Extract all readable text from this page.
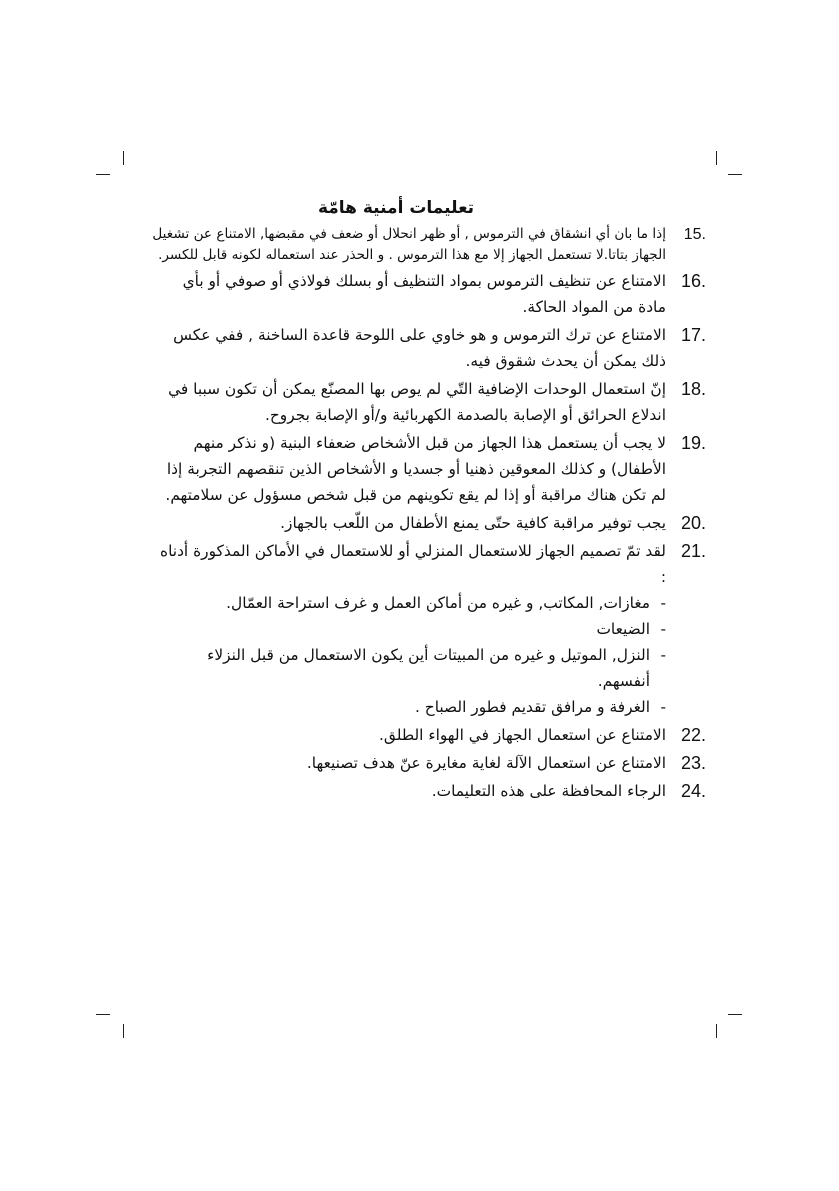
تعليمات أمنية هامّة
15.
إذا ما بان أي انشقاق في الترموس , أو ظهر انحلال أو ضعف في مقبضها, الامتناع عن تشغيل الجهاز بتاتا.لا تستعمل الجهاز إلا مع هذا الترموس . و الحذر عند استعماله لكونه قابل للكسر.
16.
الامتناع عن تنظيف الترموس بمواد التنظيف أو بسلك فولاذي أو صوفي أو بأي مادة من المواد الحاكة.
17.
الامتناع عن ترك الترموس و هو خاوي على اللوحة قاعدة الساخنة , ففي عكس ذلك يمكن أن يحدث شقوق فيه.
18.
إنّ استعمال الوحدات الإضافية التّي لم يوص بها المصنّع يمكن أن تكون سببا في اندلاع الحرائق أو الإصابة بالصدمة الكهربائية و/أو الإصابة بجروح.
19.
لا يجب أن يستعمل هذا الجهاز من قبل الأشخاص ضعفاء البنية (و نذكر منهم الأطفال) و كذلك المعوقين ذهنيا أو جسديا و الأشخاص الذين تنقصهم التجربة إذا لم تكن هناك مراقبة أو إذا لم يقع تكوينهم من قبل شخص مسؤول عن سلامتهم.
20.
يجب توفير مراقبة كافية حتّى يمنع الأطفال من اللّعب بالجهاز.
21.
لقد تمّ تصميم الجهاز للاستعمال المنزلي أو للاستعمال في الأماكن المذكورة أدناه :
-
مغازات, المكاتب, و غيره من أماكن العمل و غرف استراحة العمّال.
-
الضيعات
-
النزل, الموتيل و غيره من المبيتات أين يكون الاستعمال من قبل النزلاء أنفسهم.
-
الغرفة و مرافق تقديم فطور الصباح .
22.
الامتناع عن استعمال الجهاز في الهواء الطلق.
23.
الامتناع عن استعمال الآلة لغاية مغايرة عنّ هدف تصنيعها.
24.
الرجاء المحافظة على هذه التعليمات.
